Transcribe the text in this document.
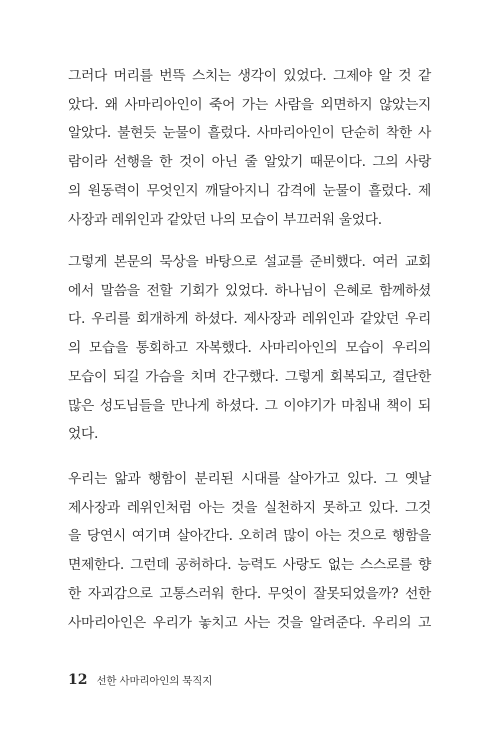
그러다 머리를 번뜩 스치는 생각이 있었다. 그제야 알 것 같
았다. 왜 사마리아인이 죽어 가는 사람을 외면하지 않았는지
알았다. 불현듯 눈물이 흘렀다. 사마리아인이 단순히 착한 사
람이라 선행을 한 것이 아닌 줄 알았기 때문이다. 그의 사랑
의 원동력이 무엇인지 깨달아지니 감격에 눈물이 흘렀다. 제
사장과 레위인과 같았던 나의 모습이 부끄러워 울었다.
그렇게 본문의 묵상을 바탕으로 설교를 준비했다. 여러 교회
에서 말씀을 전할 기회가 있었다. 하나님이 은혜로 함께하셨
다. 우리를 회개하게 하셨다. 제사장과 레위인과 같았던 우리
의 모습을 통회하고 자복했다. 사마리아인의 모습이 우리의
모습이 되길 가슴을 치며 간구했다. 그렇게 회복되고, 결단한
많은 성도님들을 만나게 하셨다. 그 이야기가 마침내 책이 되
었다.
우리는 앎과 행함이 분리된 시대를 살아가고 있다. 그 옛날
제사장과 레위인처럼 아는 것을 실천하지 못하고 있다. 그것
을 당연시 여기며 살아간다. 오히려 많이 아는 것으로 행함을
면제한다. 그런데 공허하다. 능력도 사랑도 없는 스스로를 향
한 자괴감으로 고통스러워 한다. 무엇이 잘못되었을까? 선한
사마리아인은 우리가 놓치고 사는 것을 알려준다. 우리의 고
12 선한 사마리아인의 묵직지
